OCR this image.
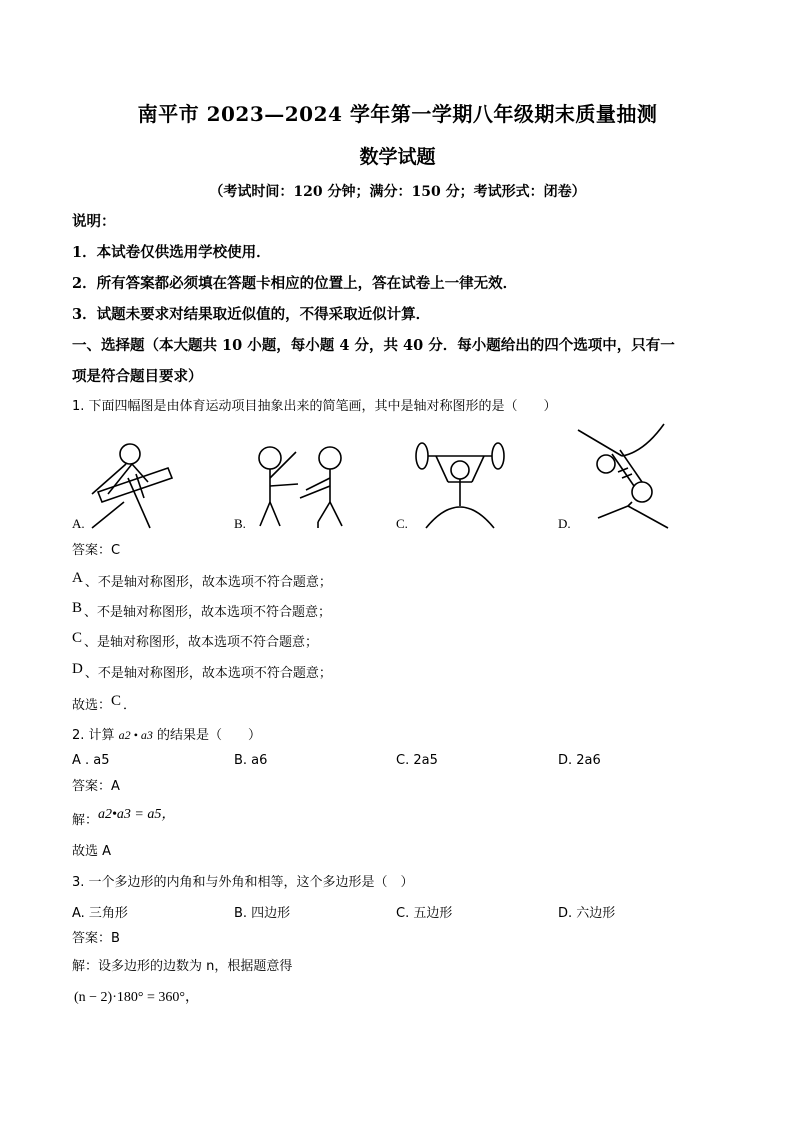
南平市 2023—2024 学年第一学期八年级期末质量抽测
数学试题
（考试时间：120 分钟；满分：150 分；考试形式：闭卷）
说明：
1．本试卷仅供选用学校使用．
2．所有答案都必须填在答题卡相应的位置上，答在试卷上一律无效．
3．试题未要求对结果取近似值的，不得采取近似计算．
一、选择题（本大题共 10 小题，每小题 4 分，共 40 分．每小题给出的四个选项中，只有一
项是符合题目要求）
1. 下面四幅图是由体育运动项目抽象出来的简笔画，其中是轴对称图形的是（　　）
A.	B.	C.	D.
答案：C
A 、不是轴对称图形，故本选项不符合题意；
B 、不是轴对称图形，故本选项不符合题意；
C 、是轴对称图形，故本选项不符合题意；
D 、不是轴对称图形，故本选项不符合题意；
故选：C ．
2. 计算 a2 • a3 的结果是（　　）
A . a5	B. a6	C. 2a5	D. 2a6
答案：A
解：a2•a3 = a5，
故选 A
3. 一个多边形的内角和与外角和相等，这个多边形是（　）
A. 三角形	B. 四边形	C. 五边形	D. 六边形
答案：B
解：设多边形的边数为 n，根据题意得
(n − 2)·180° = 360°，
